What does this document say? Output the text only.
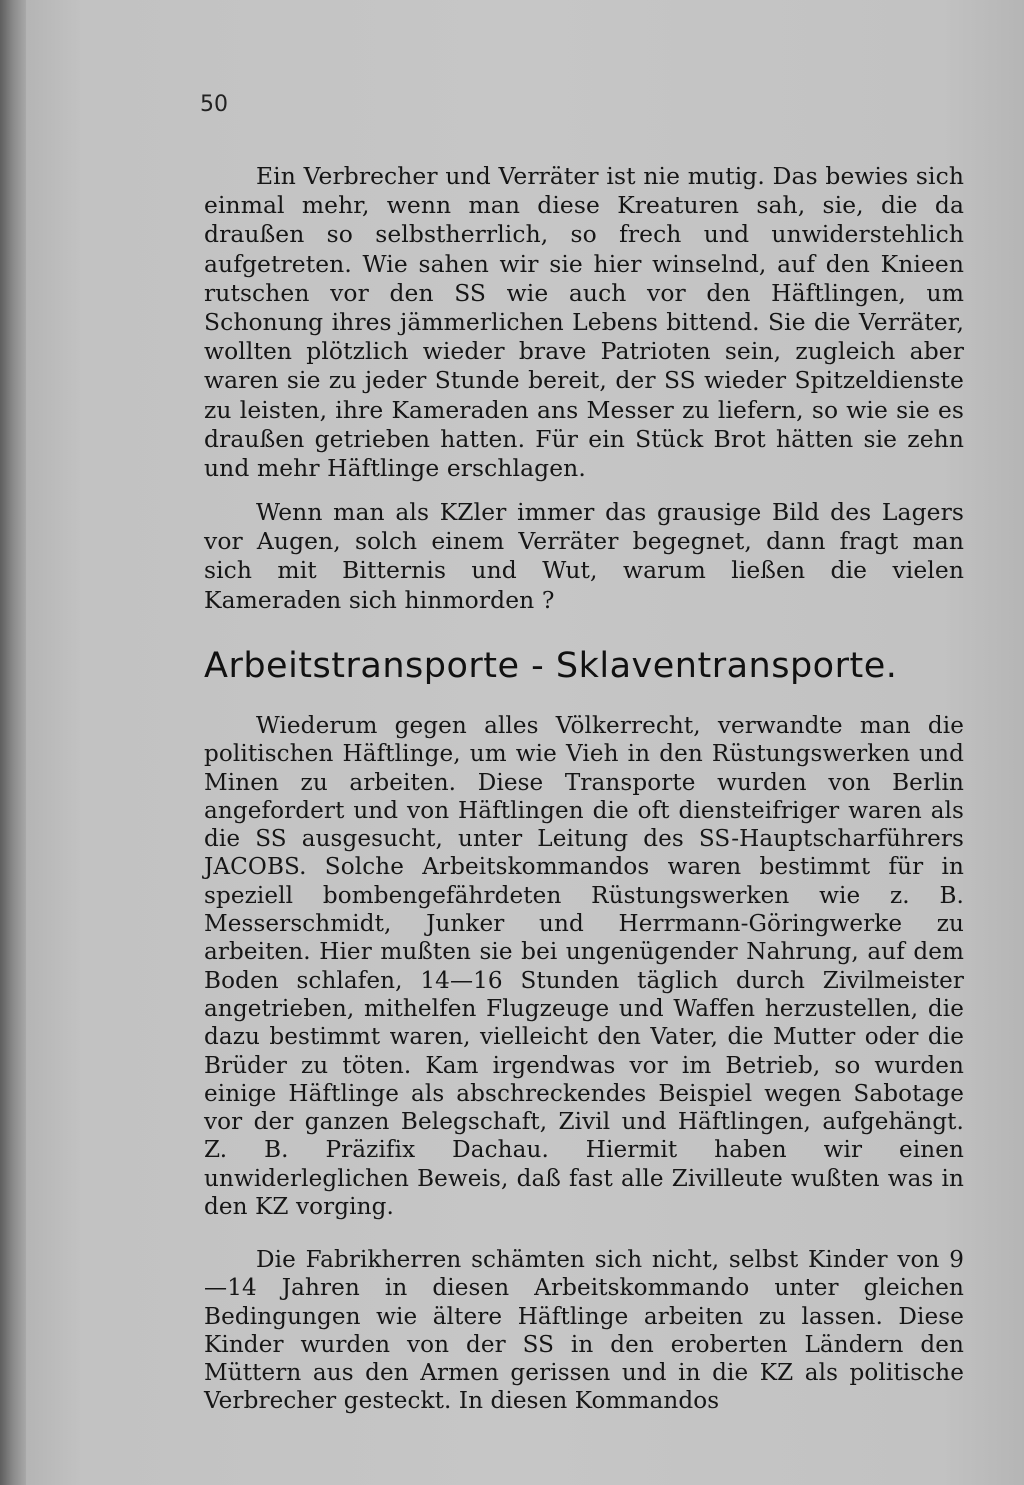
50

Ein Verbrecher und Verräter ist nie mutig. Das bewies sich einmal mehr, wenn man diese Kreaturen sah, sie, die da draußen so selbstherrlich, so frech und unwiderstehlich aufgetreten. Wie sahen wir sie hier winselnd, auf den Knieen rutschen vor den SS wie auch vor den Häftlingen, um Schonung ihres jämmerlichen Lebens bittend. Sie die Verräter, wollten plötzlich wieder brave Patrioten sein, zugleich aber waren sie zu jeder Stunde bereit, der SS wieder Spitzeldienste zu leisten, ihre Kameraden ans Messer zu liefern, so wie sie es draußen getrieben hatten. Für ein Stück Brot hätten sie zehn und mehr Häftlinge erschlagen.

Wenn man als KZler immer das grausige Bild des Lagers vor Augen, solch einem Verräter begegnet, dann fragt man sich mit Bitternis und Wut, warum ließen die vielen Kameraden sich hinmorden ?

Arbeitstransporte - Sklaventransporte.

Wiederum gegen alles Völkerrecht, verwandte man die politischen Häftlinge, um wie Vieh in den Rüstungswerken und Minen zu arbeiten. Diese Transporte wurden von Berlin angefordert und von Häftlingen die oft diensteifriger waren als die SS ausgesucht, unter Leitung des SS-Hauptscharführers JACOBS. Solche Arbeitskommandos waren bestimmt für in speziell bombengefährdeten Rüstungswerken wie z. B. Messerschmidt, Junker und Herrmann-Göringwerke zu arbeiten. Hier mußten sie bei ungenügender Nahrung, auf dem Boden schlafen, 14—16 Stunden täglich durch Zivilmeister angetrieben, mithelfen Flugzeuge und Waffen herzustellen, die dazu bestimmt waren, vielleicht den Vater, die Mutter oder die Brüder zu töten. Kam irgendwas vor im Betrieb, so wurden einige Häftlinge als abschreckendes Beispiel wegen Sabotage vor der ganzen Belegschaft, Zivil und Häftlingen, aufgehängt. Z. B. Präzifix Dachau. Hiermit haben wir einen unwiderleglichen Beweis, daß fast alle Zivilleute wußten was in den KZ vorging.

Die Fabrikherren schämten sich nicht, selbst Kinder von 9—14 Jahren in diesen Arbeitskommando unter gleichen Bedingungen wie ältere Häftlinge arbeiten zu lassen. Diese Kinder wurden von der SS in den eroberten Ländern den Müttern aus den Armen gerissen und in die KZ als politische Verbrecher gesteckt. In diesen Kommandos
